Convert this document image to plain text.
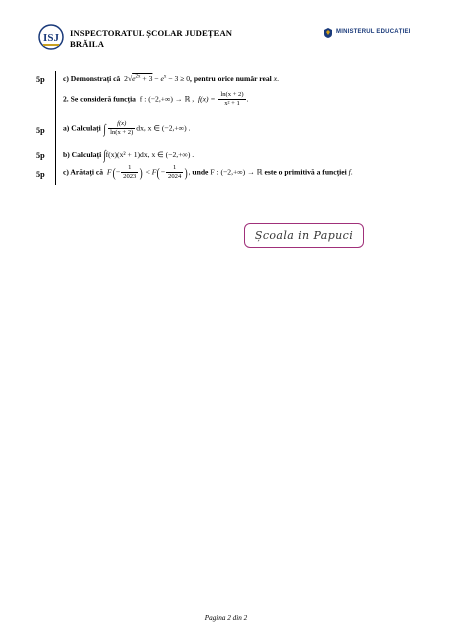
ISJ INSPECTORATUL ȘCOLAR JUDEȚEAN
BRĂILA
MINISTERUL EDUCAȚIEI
5p c) Demonstrați că  $2√e^{2x} + 3 - e^x - 3 \ge 0$, pentru orice număr real x.
2. Se consideră funcția f : (−2,+∞) → ℝ , $f(x) = \frac{\ln(x + 2)}{\text{x² + 1}}$ .
5p a) Calculați ∫ $\frac{f(x)}{\ln(x + 2)}$ dx, x ∈ (−2,+∞) .
5p b) Calculați ∫f(x)(x² + 1)dx, x ∈ (−2,+∞) .
5p c) Arătați că $F(- \frac{1}{2023}$ ) < $F(- \frac{1}{2024}$ ), unde F : (−2,+∞) → ℝ este o primitivă a funcției f.
Școala in Papuci
Pagina 2 din 2
